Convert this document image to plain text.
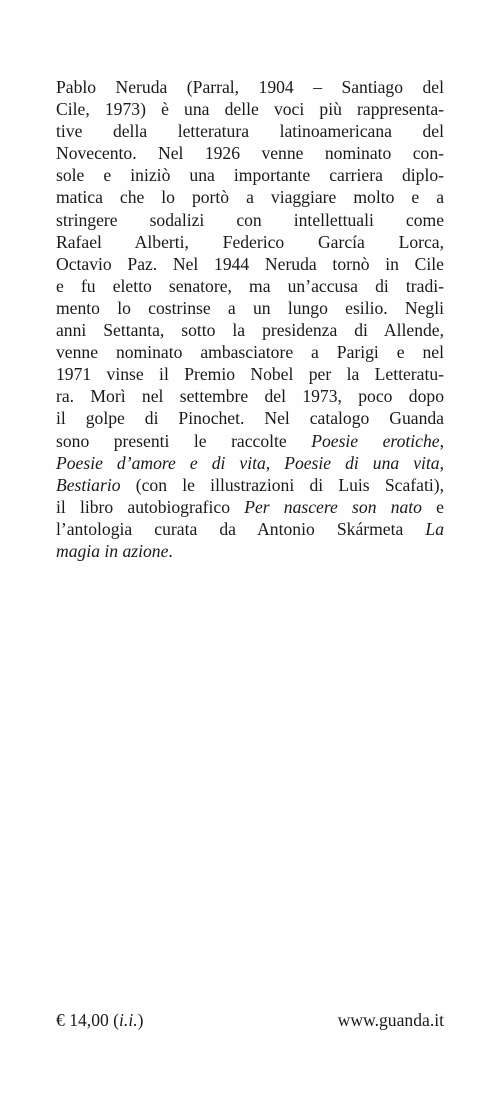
Pablo Neruda (Parral, 1904 – Santiago del
Cile, 1973) è una delle voci più rappresenta-
tive della letteratura latinoamericana del
Novecento. Nel 1926 venne nominato con-
sole e iniziò una importante carriera diplo-
matica che lo portò a viaggiare molto e a
stringere sodalizi con intellettuali come
Rafael Alberti, Federico García Lorca,
Octavio Paz. Nel 1944 Neruda tornò in Cile
e fu eletto senatore, ma un’accusa di tradi-
mento lo costrinse a un lungo esilio. Negli
anni Settanta, sotto la presidenza di Allende,
venne nominato ambasciatore a Parigi e nel
1971 vinse il Premio Nobel per la Letteratu-
ra. Morì nel settembre del 1973, poco dopo
il golpe di Pinochet. Nel catalogo Guanda
sono presenti le raccolte Poesie erotiche,
Poesie d’amore e di vita, Poesie di una vita,
Bestiario (con le illustrazioni di Luis Scafati),
il libro autobiografico Per nascere son nato e
l’antologia curata da Antonio Skármeta La
magia in azione.
€ 14,00 (i.i.)	www.guanda.it
